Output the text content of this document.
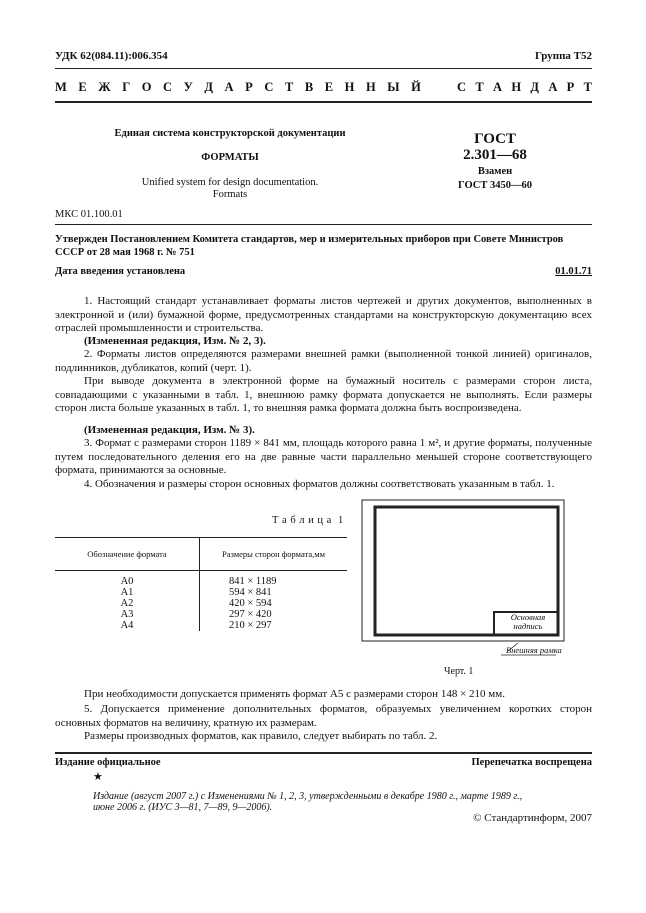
УДК 62(084.11):006.354	Группа Т52
М Е Ж Г О С У Д А Р С Т В Е Н Н Ы Й	С Т А Н Д А Р Т
Единая система конструкторской документации
ФОРМАТЫ
Unified system for design documentation.
Formats
ГОСТ
2.301—68
Взамен
ГОСТ 3450—60
МКС 01.100.01
Утвержден Постановлением Комитета стандартов, мер и измерительных приборов при Совете Министров СССР от 28 мая 1968 г. № 751
Дата введения установлена	01.01.71
1. Настоящий стандарт устанавливает форматы листов чертежей и других документов, выполненных в электронной и (или) бумажной форме, предусмотренных стандартами на конструкторскую документацию всех отраслей промышленности и строительства.
(Измененная редакция, Изм. № 2, 3).
2. Форматы листов определяются размерами внешней рамки (выполненной тонкой линией) оригиналов, подлинников, дубликатов, копий (черт. 1).
При выводе документа в электронной форме на бумажный носитель с размерами сторон листа, совпадающими с указанными в табл. 1, внешнюю рамку формата допускается не выполнять. Если размеры сторон листа больше указанных в табл. 1, то внешняя рамка формата должна быть воспроизведена.
(Измененная редакция, Изм. № 3).
3. Формат с размерами сторон 1189 × 841 мм, площадь которого равна 1 м², и другие форматы, полученные путем последовательного деления его на две равные части параллельно меньшей стороне соответствующего формата, принимаются за основные.
4. Обозначения и размеры сторон основных форматов должны соответствовать указанным в табл. 1.
Т а б л и ц а  1
Обозначение формата	Размеры сторон формата,мм
А0	841 × 1189
А1	594 × 841
А2	420 × 594
А3	297 × 420
А4	210 × 297
Основная
надпись
Внешняя рамка
Черт. 1
При необходимости допускается применять формат А5 с размерами сторон 148 × 210 мм.
5. Допускается применение дополнительных форматов, образуемых увеличением коротких сторон основных форматов на величину, кратную их размерам.
Размеры производных форматов, как правило, следует выбирать по табл. 2.
Издание официальное	Перепечатка воспрещена
★
Издание (август 2007 г.) с Изменениями № 1, 2, 3, утвержденными в декабре 1980 г., марте 1989 г.,
июне 2006 г. (ИУС 3—81, 7—89, 9—2006).
© Стандартинформ, 2007
